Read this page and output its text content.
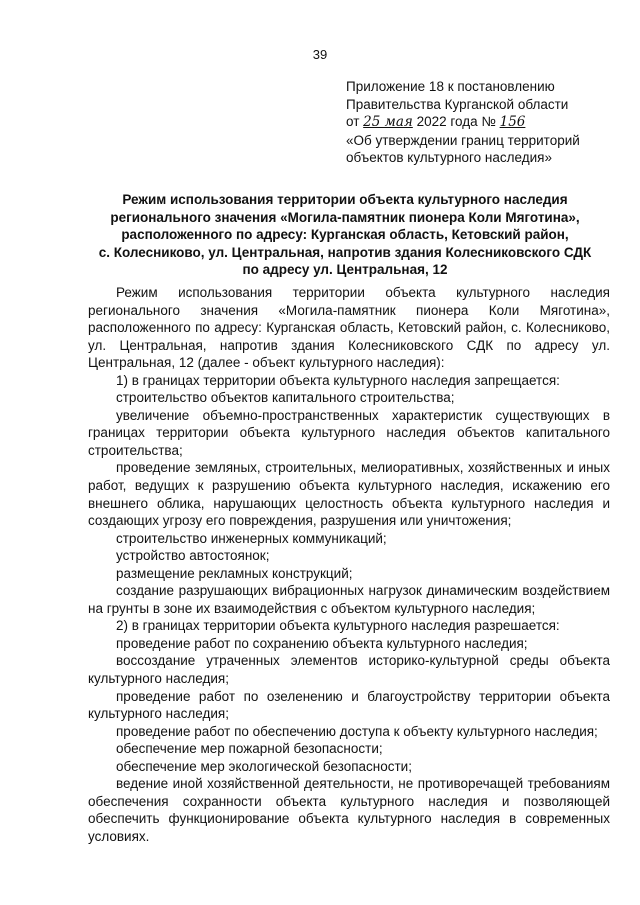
39
Приложение 18 к постановлению
Правительства Курганской области
от 25 мая 2022 года № 156
«Об утверждении границ территорий
объектов культурного наследия»
Режим использования территории объекта культурного наследия
регионального значения «Могила-памятник пионера Коли Мяготина»,
расположенного по адресу: Курганская область, Кетовский район,
с. Колесниково, ул. Центральная, напротив здания Колесниковского СДК
по адресу ул. Центральная, 12

Режим использования территории объекта культурного наследия регионального значения «Могила-памятник пионера Коли Мяготина», расположенного по адресу: Курганская область, Кетовский район, с. Колесниково, ул. Центральная, напротив здания Колесниковского СДК по адресу ул. Центральная, 12 (далее - объект культурного наследия):

1) в границах территории объекта культурного наследия запрещается:

строительство объектов капитального строительства;

увеличение объемно-пространственных характеристик существующих в границах территории объекта культурного наследия объектов капитального строительства;

проведение земляных, строительных, мелиоративных, хозяйственных и иных работ, ведущих к разрушению объекта культурного наследия, искажению его внешнего облика, нарушающих целостность объекта культурного наследия и создающих угрозу его повреждения, разрушения или уничтожения;

строительство инженерных коммуникаций;

устройство автостоянок;

размещение рекламных конструкций;

создание разрушающих вибрационных нагрузок динамическим воздействием на грунты в зоне их взаимодействия с объектом культурного наследия;

2) в границах территории объекта культурного наследия разрешается:

проведение работ по сохранению объекта культурного наследия;

воссоздание утраченных элементов историко-культурной среды объекта культурного наследия;

проведение работ по озеленению и благоустройству территории объекта культурного наследия;

проведение работ по обеспечению доступа к объекту культурного наследия;

обеспечение мер пожарной безопасности;

обеспечение мер экологической безопасности;

ведение иной хозяйственной деятельности, не противоречащей требованиям обеспечения сохранности объекта культурного наследия и позволяющей обеспечить функционирование объекта культурного наследия в современных условиях.
